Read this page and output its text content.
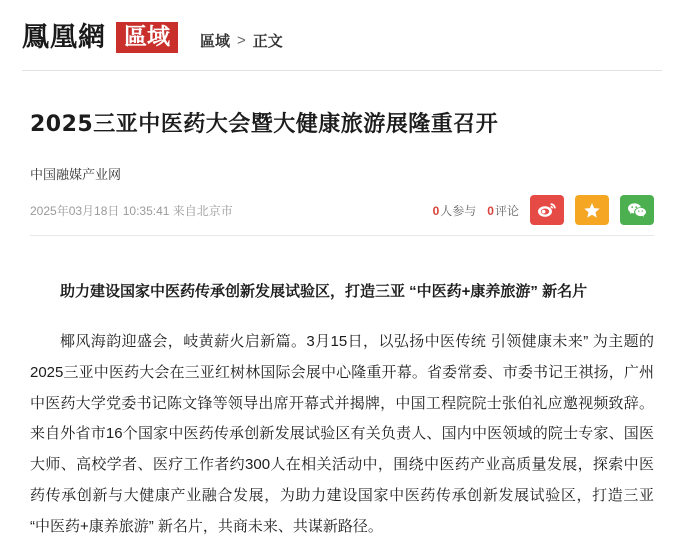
鳳凰網 區域	區域 > 正文
2025三亚中医药大会暨大健康旅游展隆重召开
中国融媒产业网
2025年03月18日 10:35:41 来自北京市	0人参与 0评论

助力建设国家中医药传承创新发展试验区，打造三亚 “中医药+康养旅游” 新名片

椰风海韵迎盛会，岐黄薪火启新篇。3月15日，以弘扬中医传统 引领健康未来” 为主题的2025三亚中医药大会在三亚红树林国际会展中心隆重开幕。省委常委、市委书记王祺扬，广州中医药大学党委书记陈文锋等领导出席开幕式并揭牌，中国工程院院士张伯礼应邀视频致辞。来自外省市16个国家中医药传承创新发展试验区有关负责人、国内中医领域的院士专家、国医大师、高校学者、医疗工作者约300人在相关活动中，围绕中医药产业高质量发展，探索中医药传承创新与大健康产业融合发展，为助力建设国家中医药传承创新发展试验区，打造三亚 “中医药+康养旅游” 新名片，共商未来、共谋新路径。
